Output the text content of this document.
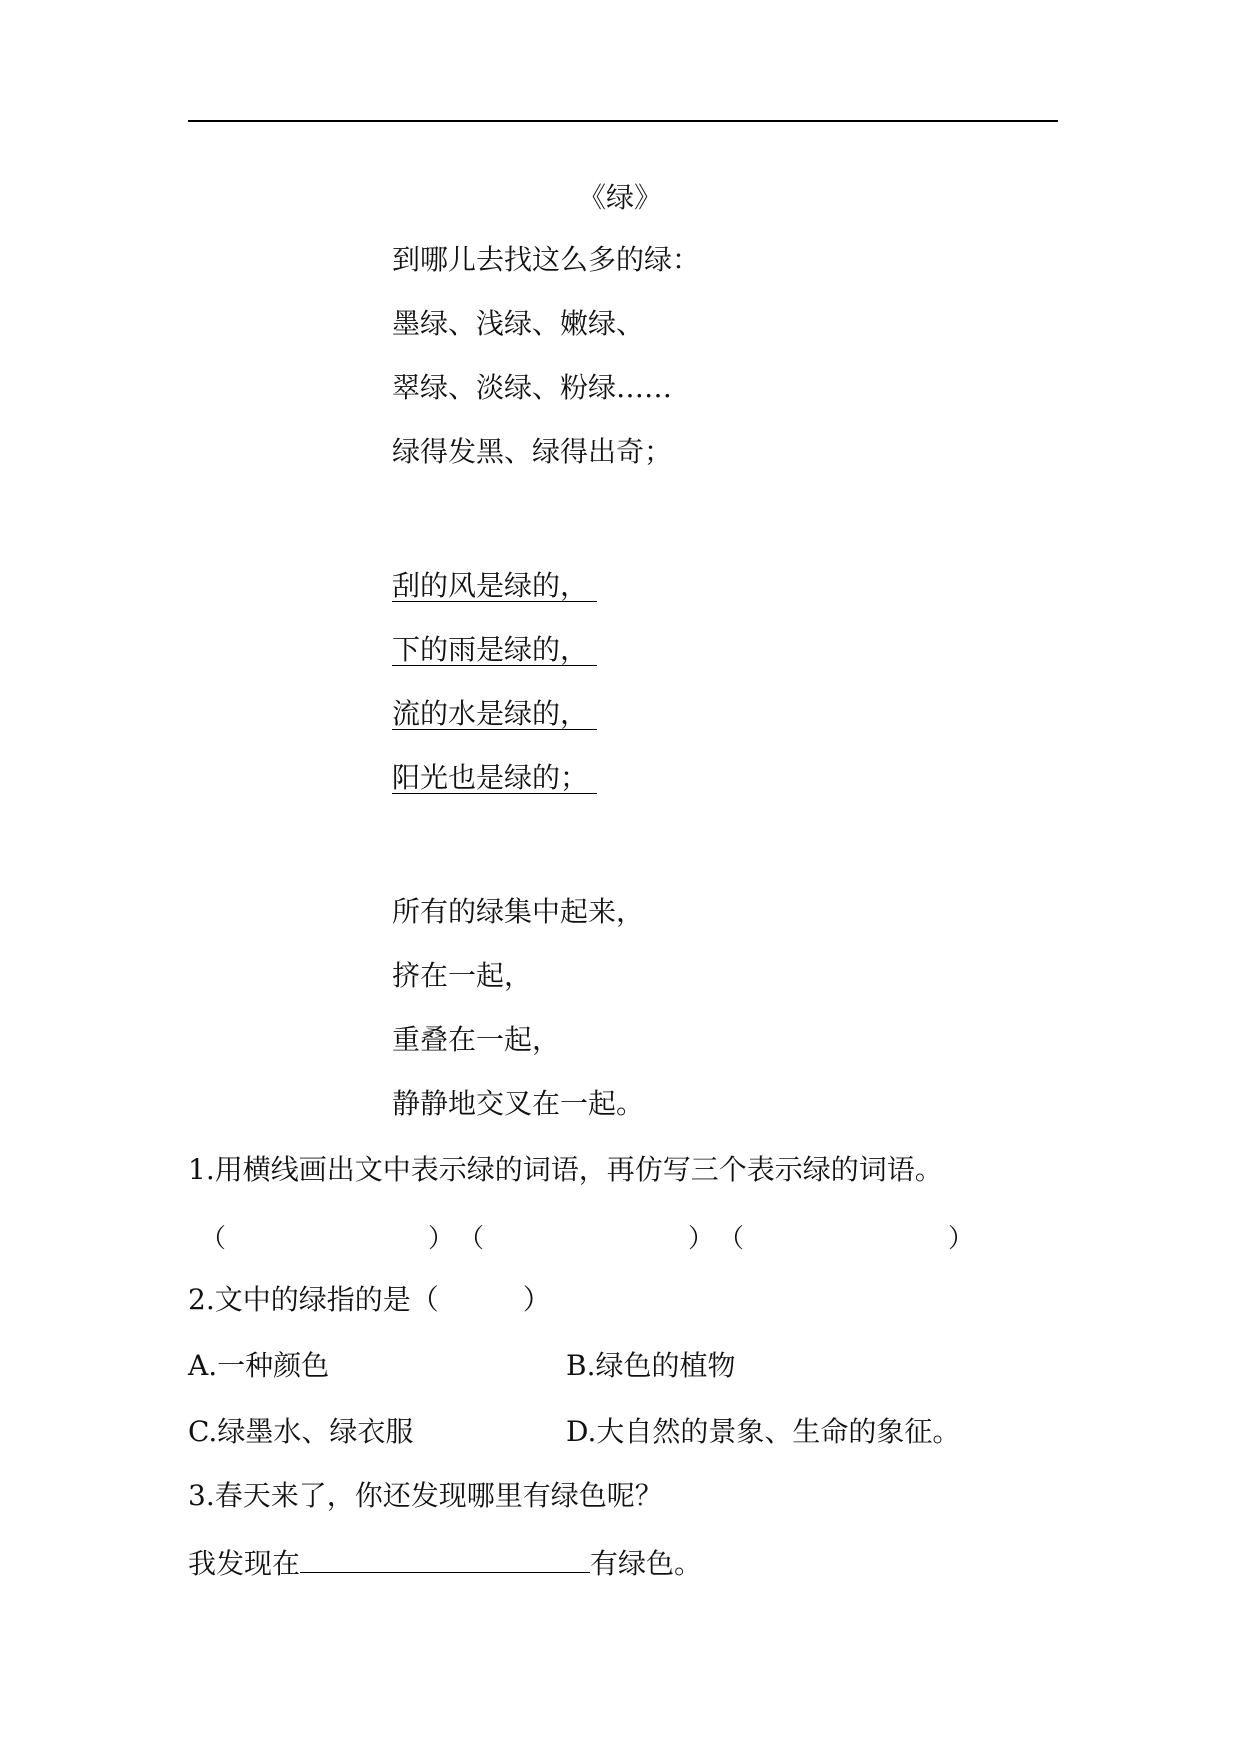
《绿》
到哪儿去找这么多的绿：
墨绿、浅绿、嫩绿、
翠绿、淡绿、粉绿……
绿得发黑、绿得出奇；
刮的风是绿的，
下的雨是绿的，
流的水是绿的，
阳光也是绿的；
所有的绿集中起来，
挤在一起，
重叠在一起，
静静地交叉在一起。
1.用横线画出文中表示绿的词语，再仿写三个表示绿的词语。
（	） （	） （	）
2.文中的绿指的是（　　　）
A.一种颜色	B.绿色的植物
C.绿墨水、绿衣服	D.大自然的景象、生命的象征。
3.春天来了，你还发现哪里有绿色呢？
我发现在	有绿色。
